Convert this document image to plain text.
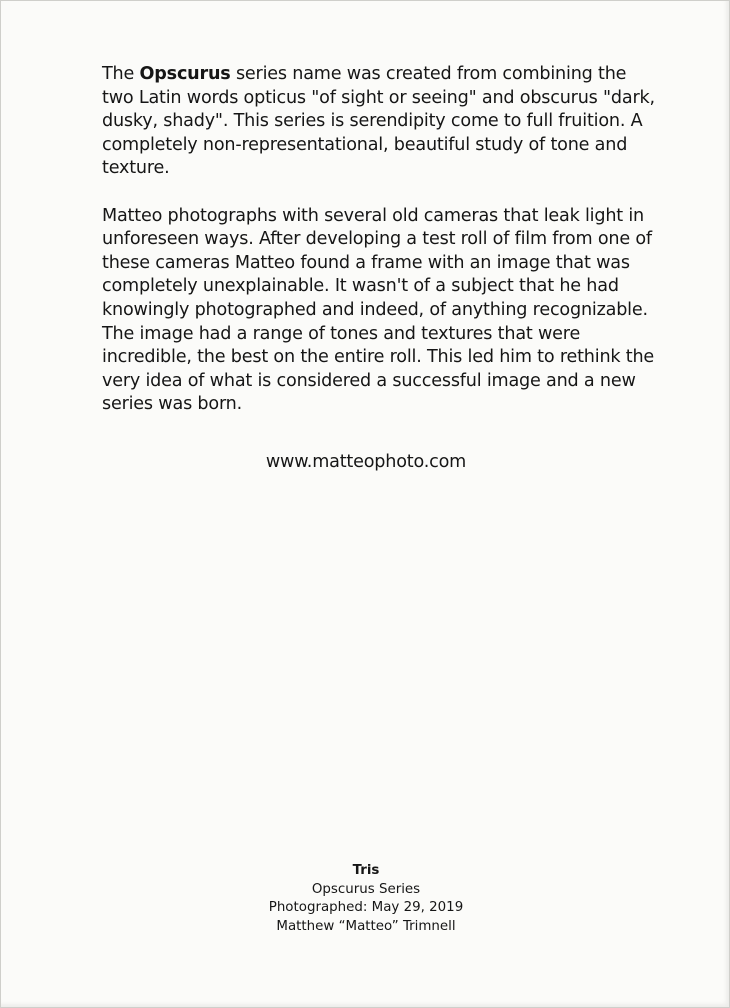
The Opscurus series name was created from combining the two Latin words opticus "of sight or seeing" and obscurus "dark, dusky, shady". This series is serendipity come to full fruition. A completely non-representational, beautiful study of tone and texture.

Matteo photographs with several old cameras that leak light in unforeseen ways. After developing a test roll of film from one of these cameras Matteo found a frame with an image that was completely unexplainable. It wasn't of a subject that he had knowingly photographed and indeed, of anything recognizable. The image had a range of tones and textures that were incredible, the best on the entire roll. This led him to rethink the very idea of what is considered a successful image and a new series was born.

www.matteophoto.com
Tris
Opscurus Series
Photographed: May 29, 2019
Matthew “Matteo” Trimnell
